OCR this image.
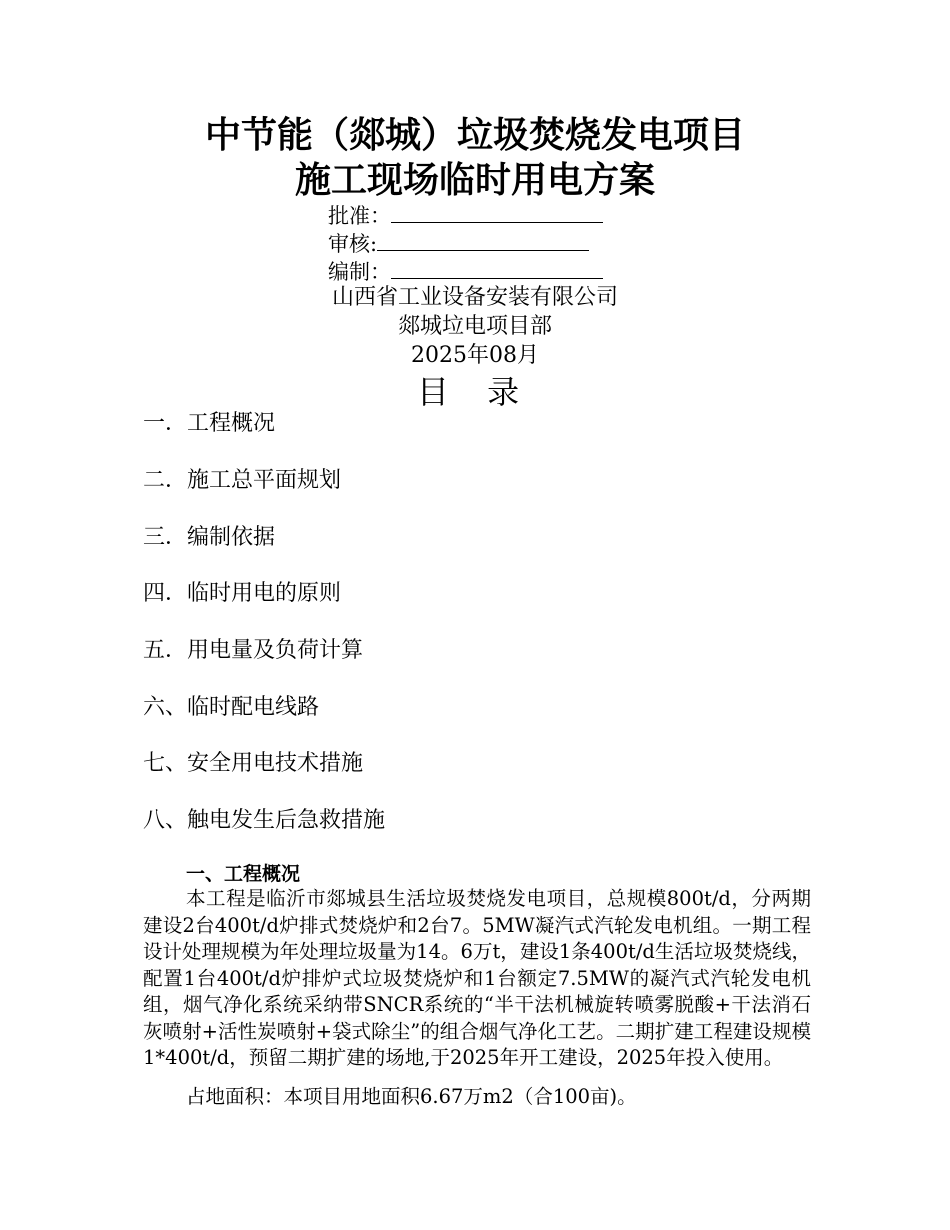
中节能（郯城）垃圾焚烧发电项目
施工现场临时用电方案
批准：
审核:
编制：
山西省工业设备安装有限公司
郯城垃电项目部
2025年08月
目 录
一．工程概况
二．施工总平面规划
三．编制依据
四．临时用电的原则
五．用电量及负荷计算
六、临时配电线路
七、安全用电技术措施
八、触电发生后急救措施
一、工程概况
本工程是临沂市郯城县生活垃圾焚烧发电项目，总规模800t/d，分两期建设2台400t/d炉排式焚烧炉和2台7。5MW凝汽式汽轮发电机组。一期工程设计处理规模为年处理垃圾量为14。6万t，建设1条400t/d生活垃圾焚烧线，配置1台400t/d炉排炉式垃圾焚烧炉和1台额定7.5MW的凝汽式汽轮发电机组，烟气净化系统采纳带SNCR系统的“半干法机械旋转喷雾脱酸+干法消石灰喷射+活性炭喷射+袋式除尘”的组合烟气净化工艺。二期扩建工程建设规模1*400t/d，预留二期扩建的场地,于2025年开工建设，2025年投入使用。
占地面积：本项目用地面积6.67万m2（合100亩)。
